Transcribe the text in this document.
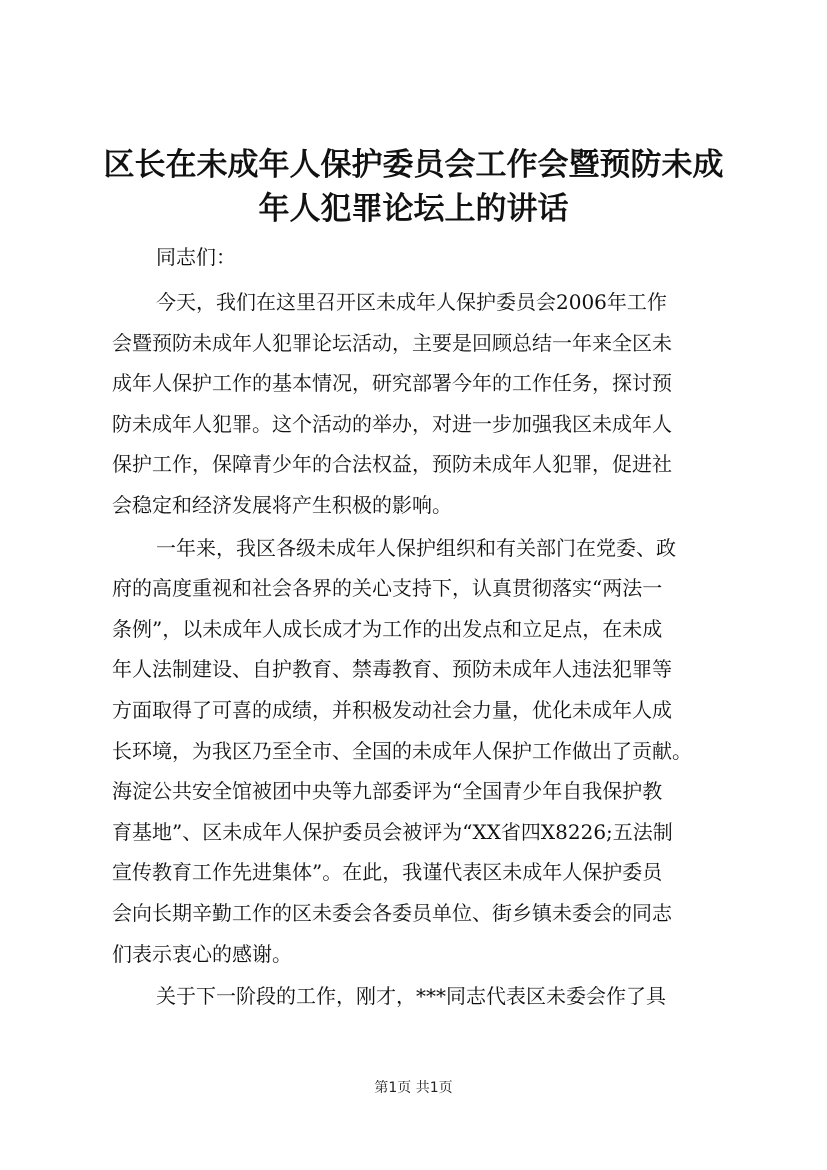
区长在未成年人保护委员会工作会暨预防未成
年人犯罪论坛上的讲话

同志们：

今天，我们在这里召开区未成年人保护委员会2006年工作
会暨预防未成年人犯罪论坛活动，主要是回顾总结一年来全区未
成年人保护工作的基本情况，研究部署今年的工作任务，探讨预
防未成年人犯罪。这个活动的举办，对进一步加强我区未成年人
保护工作，保障青少年的合法权益，预防未成年人犯罪，促进社
会稳定和经济发展将产生积极的影响。
一年来，我区各级未成年人保护组织和有关部门在党委、政
府的高度重视和社会各界的关心支持下，认真贯彻落实“两法一
条例”，以未成年人成长成才为工作的出发点和立足点，在未成
年人法制建设、自护教育、禁毒教育、预防未成年人违法犯罪等
方面取得了可喜的成绩，并积极发动社会力量，优化未成年人成
长环境，为我区乃至全市、全国的未成年人保护工作做出了贡献。
海淀公共安全馆被团中央等九部委评为“全国青少年自我保护教
育基地”、区未成年人保护委员会被评为“XX省四X8226;五法制
宣传教育工作先进集体”。在此，我谨代表区未成年人保护委员
会向长期辛勤工作的区未委会各委员单位、街乡镇未委会的同志
们表示衷心的感谢。
关于下一阶段的工作，刚才，***同志代表区未委会作了具
第1页 共1页
